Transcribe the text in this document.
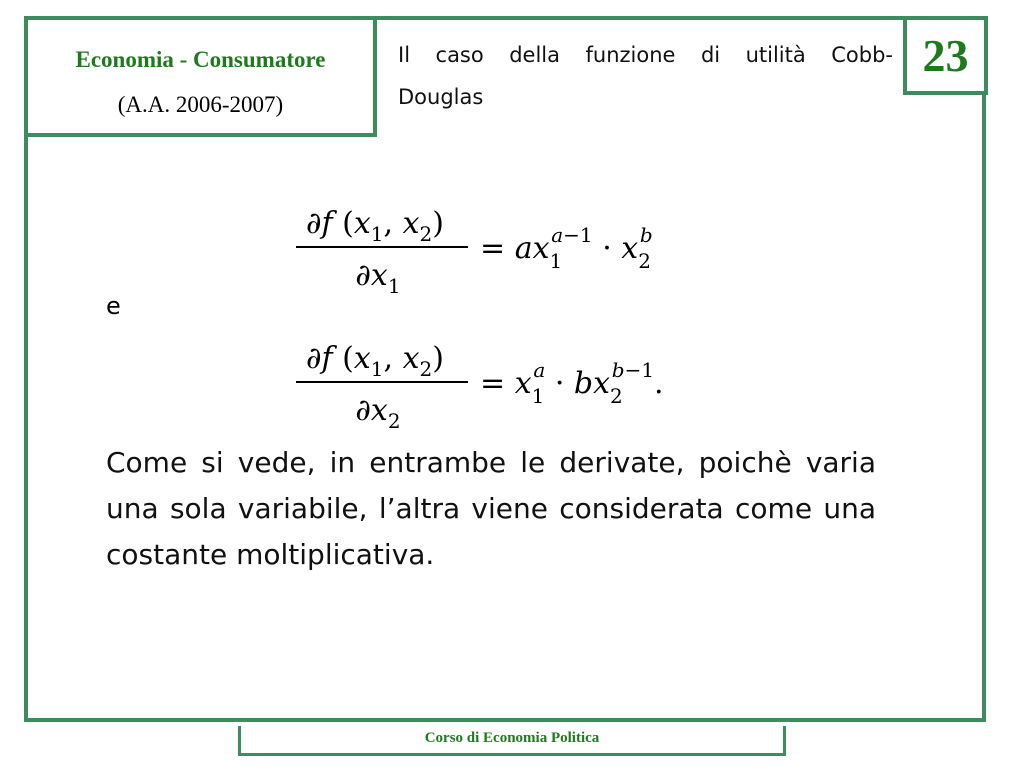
Economia - Consumatore
(A.A. 2006-2007)
Il caso della funzione di utilità Cobb-
Douglas
23
∂f ($x_1$, $x_2$)
$\partial x_1$
= $ax_1a-1 \cdot x_2b$
e
∂f ($x_1$, $x_2$)
$\partial x_2$
= $x_1a \cdot bx_2b-1$.
Come si vede, in entrambe le derivate, poichè varia una sola variabile, l’altra viene considerata come una costante moltiplicativa.
Corso di Economia Politica
